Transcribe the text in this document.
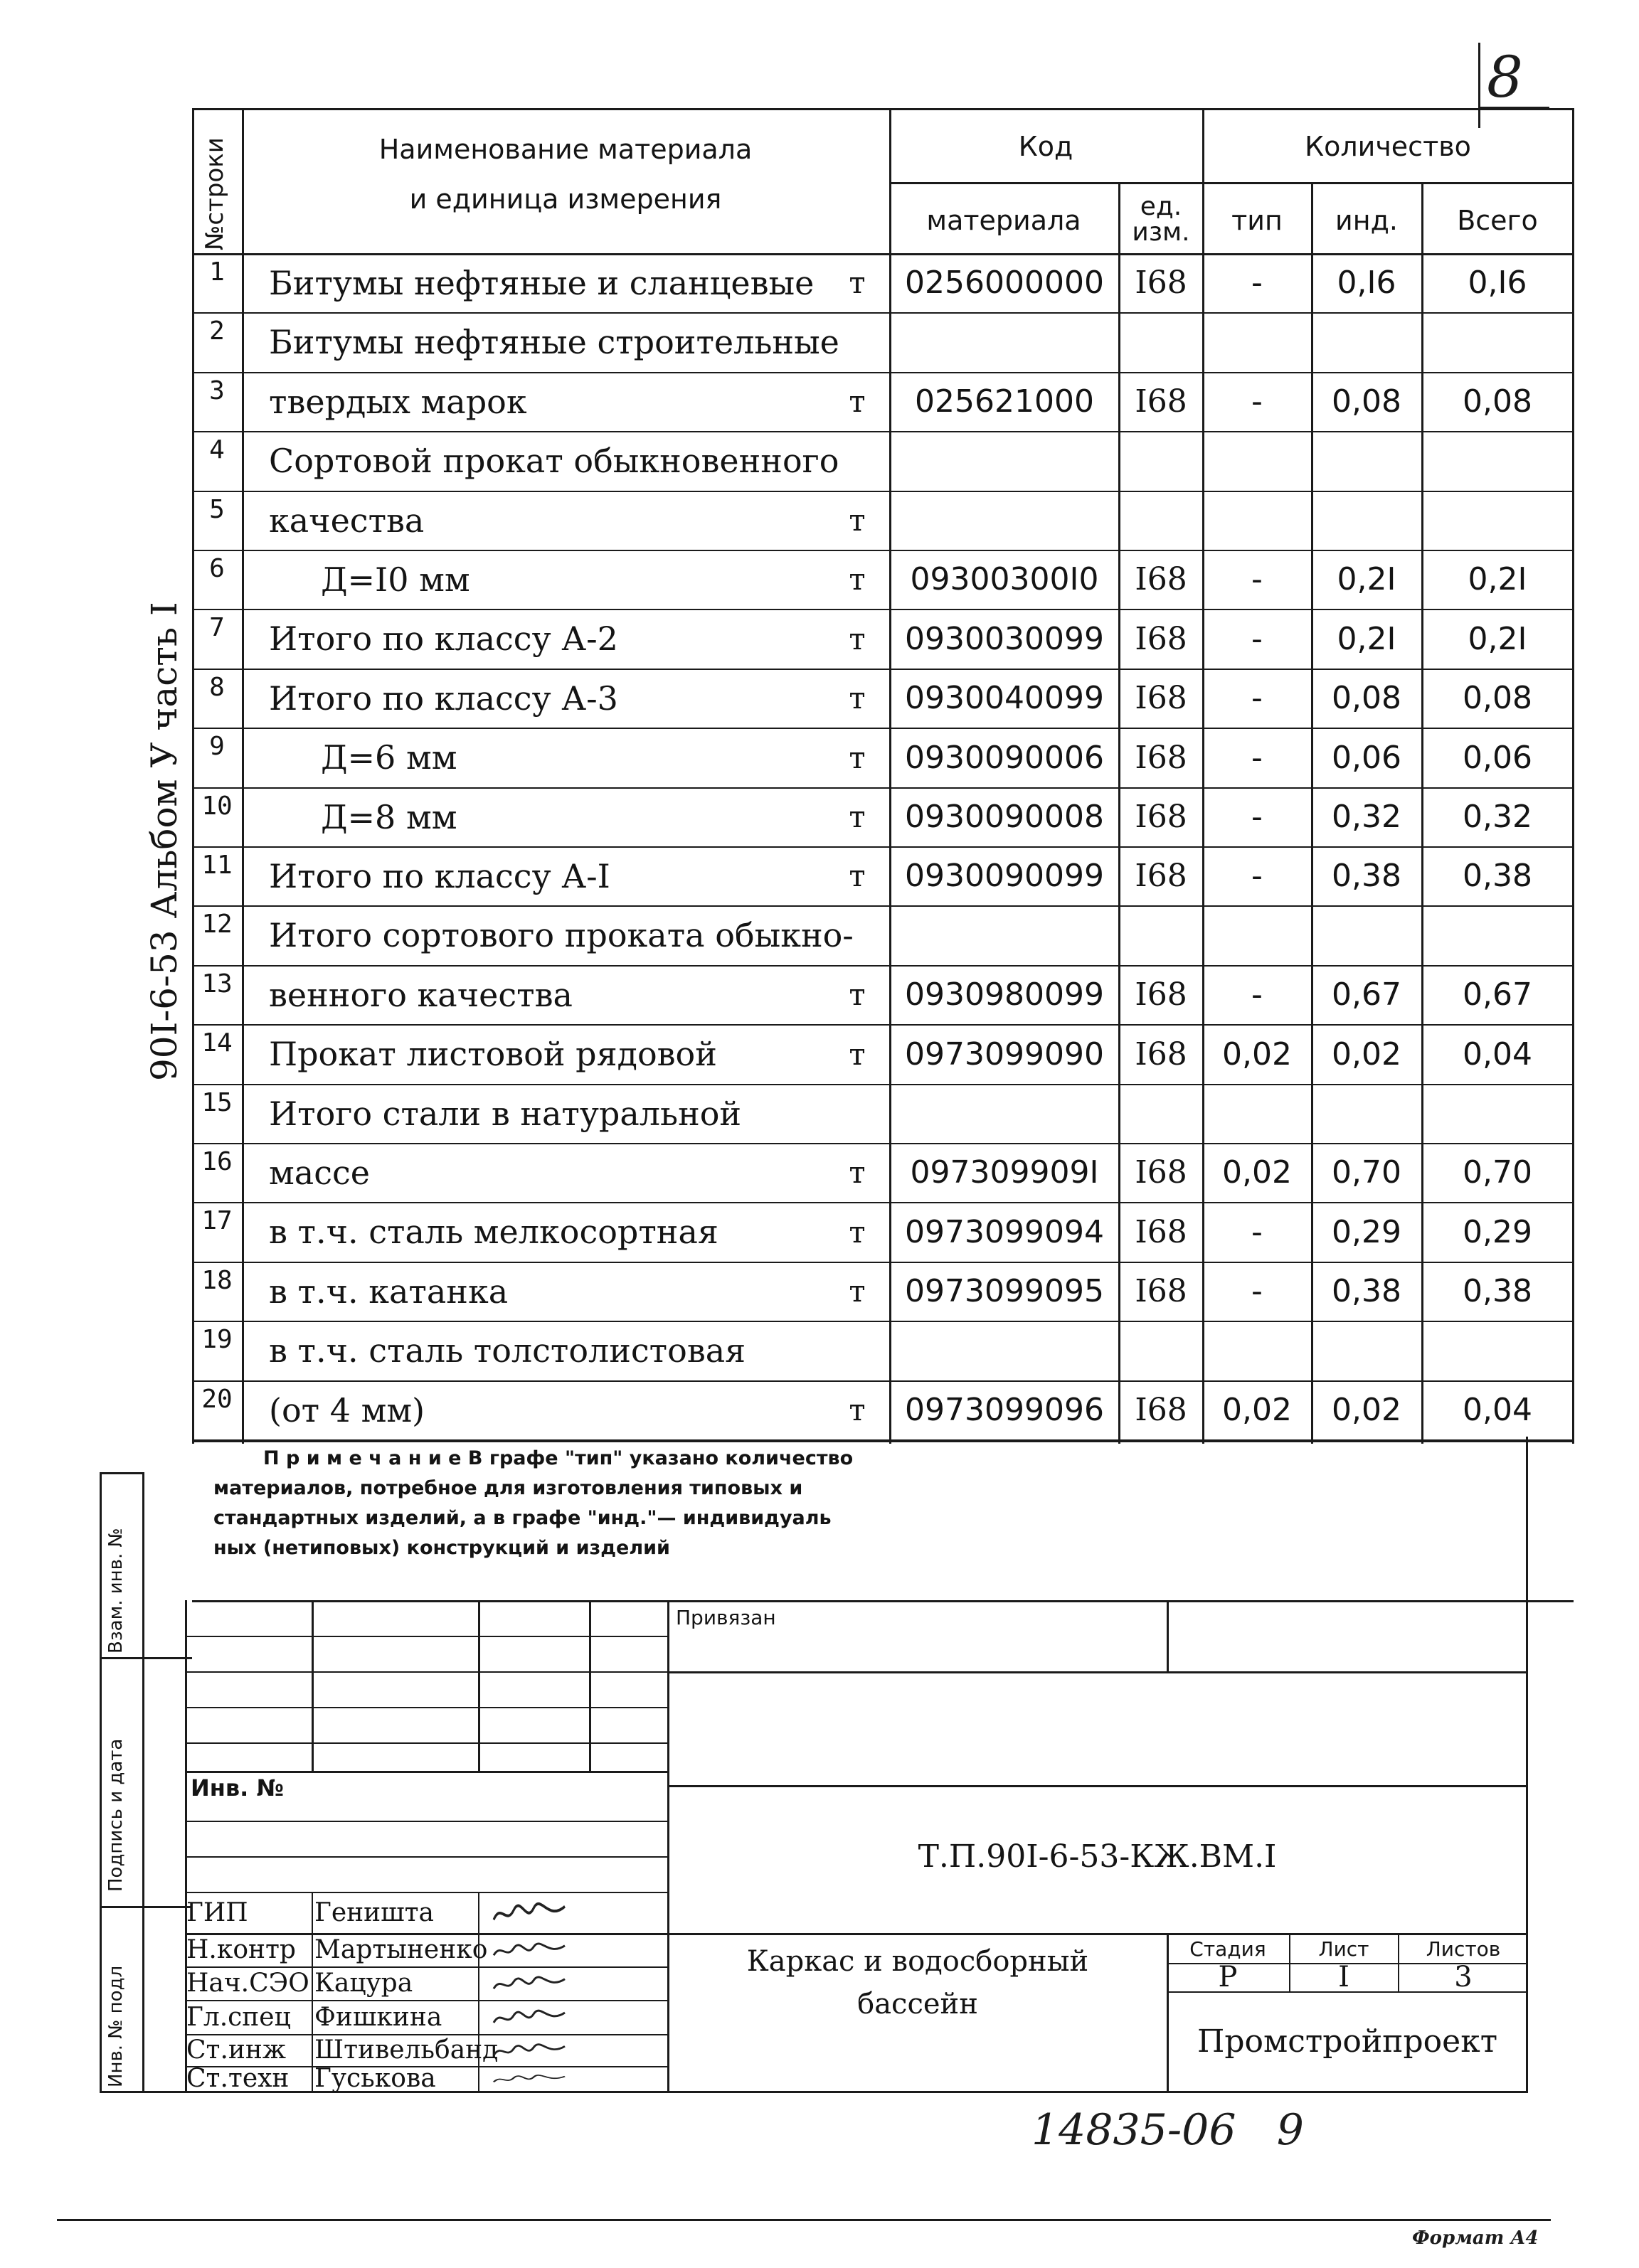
8
90I-6-53 Альбом У часть I
№строки	Наименование материала
и единица измерения
Код
материала	ед. изм.
Количество
тип	инд.	Всего
1	Битумы нефтяные и сланцевые	т	0256000000 I68	-	0,I6	0,I6
2	Битумы нефтяные строительные
3	твердых марок	т	025621000	I68	-	0,08	0,08
4	Сортовой прокат обыкновенного
5	качества	т
6	Д=I0 мм	т	09300300I0	I68	-	0,2I	0,2I
7	Итого по классу А-2	т	0930030099 I68	-	0,2I	0,2I
8	Итого по классу А-3	т	0930040099 I68	-	0,08	0,08
9	Д=6 мм	т	0930090006 I68	-	0,06	0,06
10 Д=8 мм	т	0930090008 I68	-	0,32	0,32
11 Итого по классу А-I	т	0930090099 I68	-	0,38	0,38
12 Итого сортового проката обыкно-
13 венного качества	т	0930980099 I68	-	0,67	0,67
14 Прокат листовой рядовой	т	0973099090 I68	0,02	0,02	0,04
15 Итого стали в натуральной
16 массе	т	097309909I	I68	0,02	0,70	0,70
17 в т.ч. сталь мелкосортная	т	0973099094 I68	-	0,29	0,29
18 в т.ч. катанка	т	0973099095 I68	-	0,38	0,38
19 в т.ч. сталь толстолистовая
20 (от 4 мм)	т	0973099096 I68	0,02	0,02	0,04
П р и м е ч а н и е В графе "тип" указано количество
материалов, потребное для изготовления типовых и
стандартных изделий, а в графе "инд."— индивидуаль
ных (нетиповых) конструкций и изделий
Взам. инв. №
Подпись и дата
Инв. № подл
Привязан
Инв. №
Т.П.90I-6-53-КЖ.ВМ.I
Каркас и водосборный
бассейн
Стадия	Лист	Листов
Р	I	3
Промстройпроект
ГИП	Геништа
Н.контр Мартыненко
Нач.СЭО Кацура
Гл.спец Фишкина
Ст.инж	Штивельбанд
Ст.техн Гуськова
14835-06   9
Формат А4
